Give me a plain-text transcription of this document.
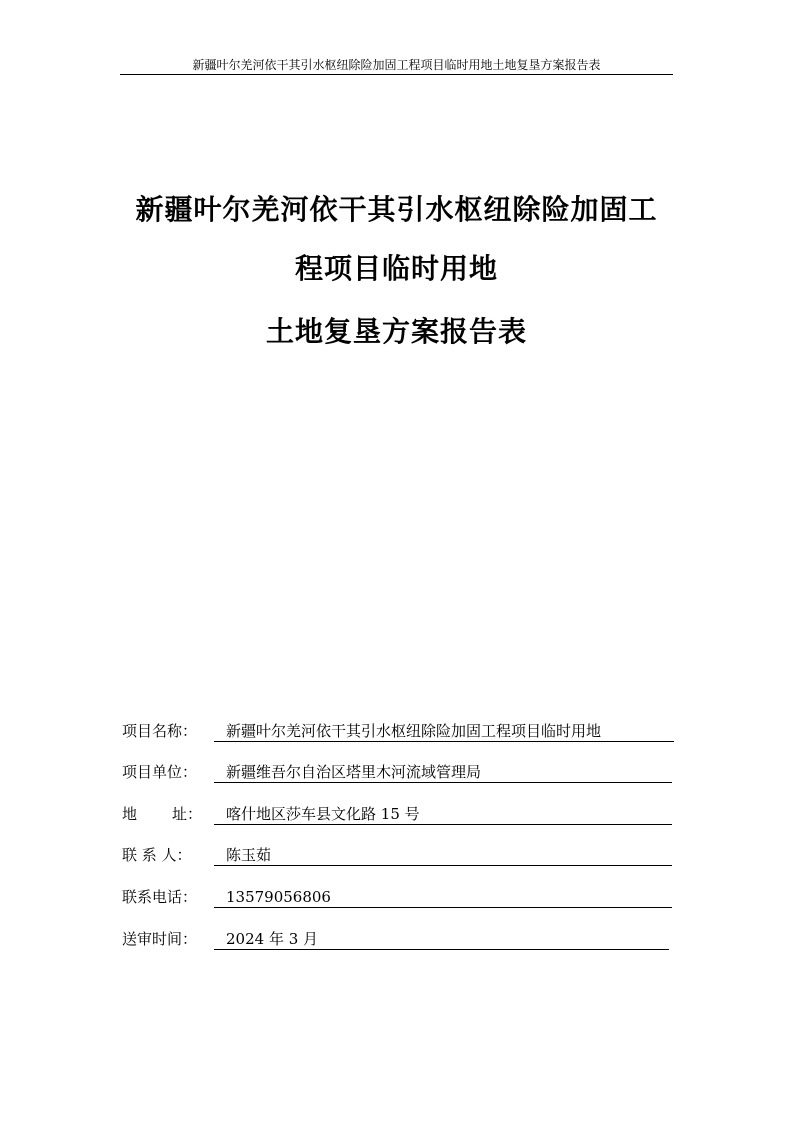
新疆叶尔羌河依干其引水枢纽除险加固工程项目临时用地土地复垦方案报告表
新疆叶尔羌河依干其引水枢纽除险加固工
程项目临时用地
土地复垦方案报告表
项目名称：	新疆叶尔羌河依干其引水枢纽除险加固工程项目临时用地
项目单位：	新疆维吾尔自治区塔里木河流域管理局
地 址：	喀什地区莎车县文化路 15 号
联 系 人：	陈玉茹
联系电话：	13579056806
送审时间：	2024 年 3 月
